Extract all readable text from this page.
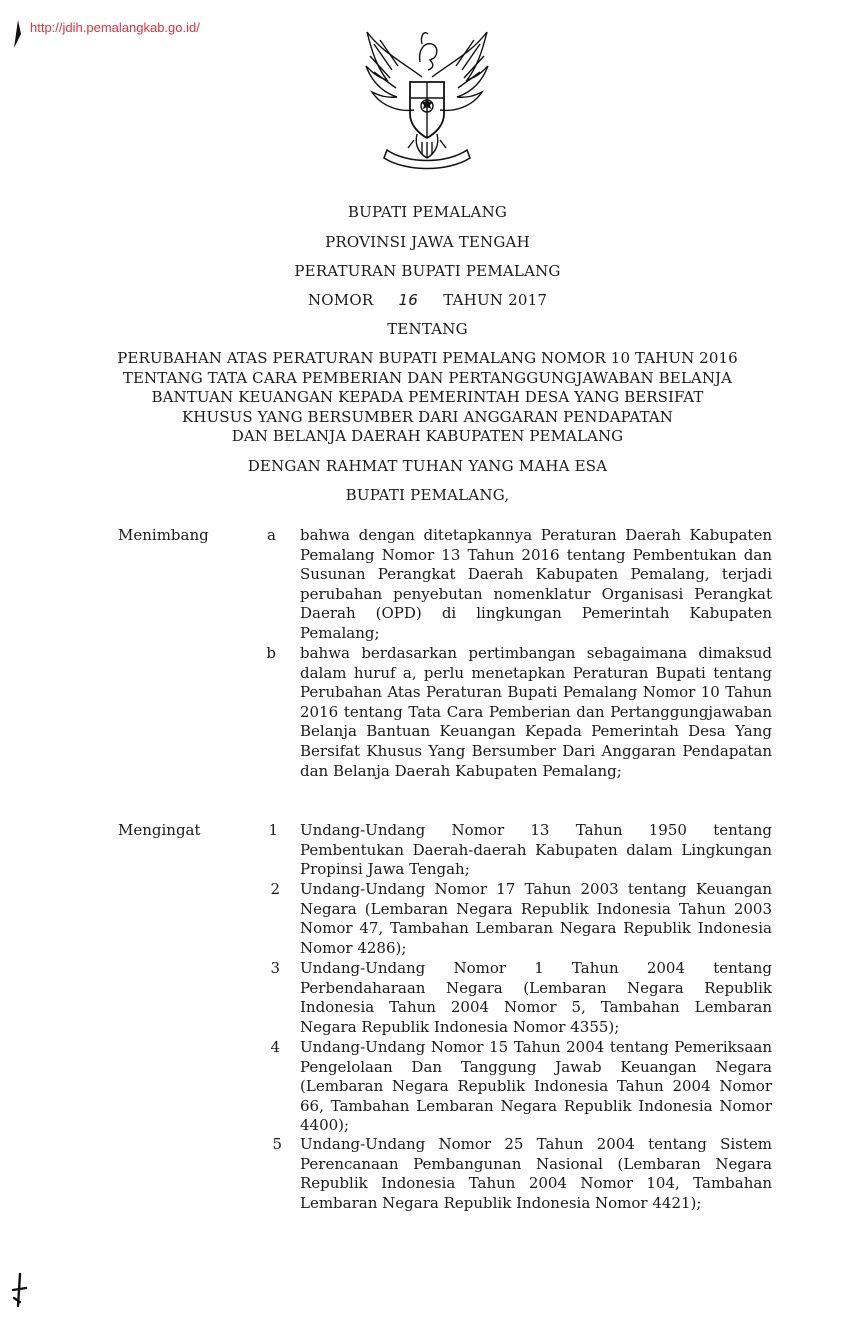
http://jdih.pemalangkab.go.id/
BUPATI PEMALANG
PROVINSI JAWA TENGAH
PERATURAN BUPATI PEMALANG
NOMOR 16 TAHUN 2017
TENTANG
PERUBAHAN ATAS PERATURAN BUPATI PEMALANG NOMOR 10 TAHUN 2016
TENTANG TATA CARA PEMBERIAN DAN PERTANGGUNGJAWABAN BELANJA
BANTUAN KEUANGAN KEPADA PEMERINTAH DESA YANG BERSIFAT
KHUSUS YANG BERSUMBER DARI ANGGARAN PENDAPATAN
DAN BELANJA DAERAH KABUPATEN PEMALANG
DENGAN RAHMAT TUHAN YANG MAHA ESA
BUPATI PEMALANG,
Menimbang	a bahwa dengan ditetapkannya Peraturan Daerah Kabupaten Pemalang Nomor 13 Tahun 2016 tentang Pembentukan dan Susunan Perangkat Daerah Kabupaten Pemalang, terjadi perubahan penyebutan nomenklatur Organisasi Perangkat Daerah (OPD) di lingkungan Pemerintah Kabupaten Pemalang;
b bahwa berdasarkan pertimbangan sebagaimana dimaksud dalam huruf a, perlu menetapkan Peraturan Bupati tentang Perubahan Atas Peraturan Bupati Pemalang Nomor 10 Tahun 2016 tentang Tata Cara Pemberian dan Pertanggungjawaban Belanja Bantuan Keuangan Kepada Pemerintah Desa Yang Bersifat Khusus Yang Bersumber Dari Anggaran Pendapatan dan Belanja Daerah Kabupaten Pemalang;
Mengingat	1 Undang-Undang Nomor 13 Tahun 1950 tentang Pembentukan Daerah-daerah Kabupaten dalam Lingkungan Propinsi Jawa Tengah;
2 Undang-Undang Nomor 17 Tahun 2003 tentang Keuangan Negara (Lembaran Negara Republik Indonesia Tahun 2003 Nomor 47, Tambahan Lembaran Negara Republik Indonesia Nomor 4286);
3 Undang-Undang Nomor 1 Tahun 2004 tentang Perbendaharaan Negara (Lembaran Negara Republik Indonesia Tahun 2004 Nomor 5, Tambahan Lembaran Negara Republik Indonesia Nomor 4355);
4 Undang-Undang Nomor 15 Tahun 2004 tentang Pemeriksaan Pengelolaan Dan Tanggung Jawab Keuangan Negara (Lembaran Negara Republik Indonesia Tahun 2004 Nomor 66, Tambahan Lembaran Negara Republik Indonesia Nomor 4400);
5 Undang-Undang Nomor 25 Tahun 2004 tentang Sistem Perencanaan Pembangunan Nasional (Lembaran Negara Republik Indonesia Tahun 2004 Nomor 104, Tambahan Lembaran Negara Republik Indonesia Nomor 4421);
